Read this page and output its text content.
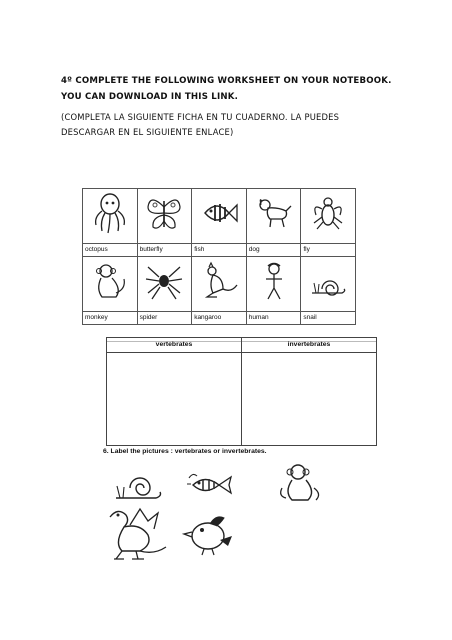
4º COMPLETE THE FOLLOWING WORKSHEET ON YOUR NOTEBOOK. YOU CAN DOWNLOAD IN THIS LINK.
(COMPLETA LA SIGUIENTE FICHA EN TU CUADERNO. LA PUEDES DESCARGAR EN EL SIGUIENTE ENLACE)

octopus	butterfly	fish	dog	fly

monkey	spider	kangaroo	human	snail
vertebrates	invertebrates
6. Label the pictures : vertebrates or invertebrates.
